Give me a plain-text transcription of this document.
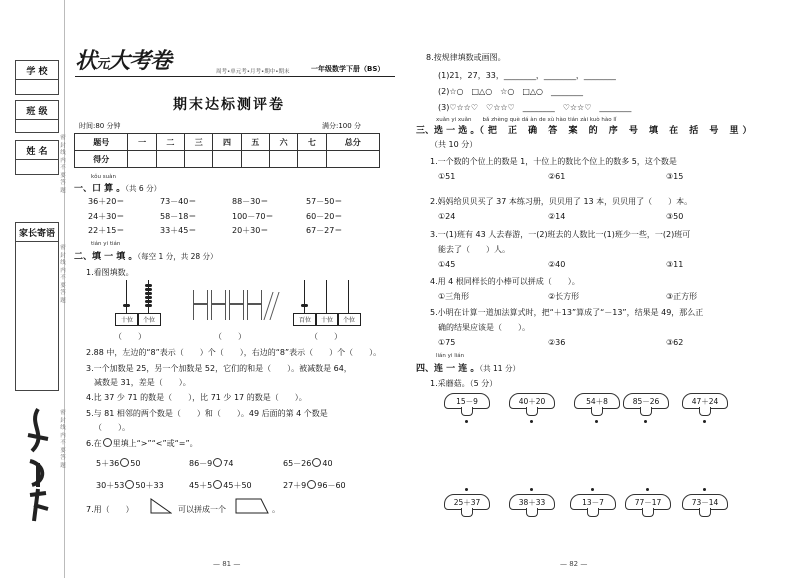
学 校
班 级
姓 名
家长寄语
密封线内不要答题
密封线内不要答题
密封线内不要答题
状元大考卷	周考•单元考•月考•期中•期末	一年级数学下册（BS）
期末达标测评卷
时间:80 分钟	满分:100 分
题号	一	二	三	四	五	六	七	总分
得分								
kǒu suàn
一、口 算 。（共 6 分）
36＋20＝	73－40＝	88－30＝	57－50＝
24＋30＝	58－18＝	100－70＝	60－20＝
22＋15＝	33＋45＝	20＋30＝	67－27＝
tián yi tián
二、填 一 填 。（每空 1 分，共 28 分）
1.看图填数。
十位	个位
（　　）	（　　）
百位	十位	个位
（　　）
2.88 中，左边的“8”表示（　　）个（　　），右边的“8”表示（　　）个（　　）。
3.一个加数是 25，另一个加数是 52，它们的和是（　　）。被减数是 64，
减数是 31，差是（　　）。
4.比 37 少 71 的数是（　　），比 71 少 17 的数是（　　）。
5.与 81 相邻的两个数是（　　）和（　　）。49 后面的第 4 个数是
（　　）。
6.在 里填上“>”“<”或“=”。
5＋36 50	86－9 74	65－26 40
30＋53 50＋33	45＋5 45＋50	27＋9 96－60
7.用（　　）	可以拼成一个	。
— 81 —
8.按规律填数或画图。
(1)21，27，33，________，________，________
(2)☆○　□△○　☆○　□△○　________
(3)♡☆☆♡　♡☆☆♡　________　♡☆☆♡　________
xuǎn yi xuǎn　　bǎ zhèng què dá àn de xù hào tián zài kuò hào lǐ
三、选 一 选 。（把 正 确 答 案 的 序 号 填 在 括 号 里）
（共 10 分）
1.一个数的个位上的数是 1，十位上的数比个位上的数多 5，这个数是
①51	②61	③15
2.妈妈给贝贝买了 37 本练习册，贝贝用了 13 本，贝贝用了（　　）本。
①24	②14	③50
3.一(1)班有 43 人去春游，一(2)班去的人数比一(1)班少一些，一(2)班可
能去了（　　）人。
①45	②40	③11
4.用 4 根同样长的小棒可以拼成（　　）。
①三角形	②长方形	③正方形
5.小明在计算一道加法算式时，把“＋13”算成了“－13”，结果是 49，那么正
确的结果应该是（　　）。
①75	②36	③62
lián yi lián
四、连 一 连 。（共 11 分）
1.采蘑菇。（5 分）
15－9	40＋20	54＋8	85－26	47＋24
25＋37	38＋33	13－7	77－17	73－14
— 82 —
